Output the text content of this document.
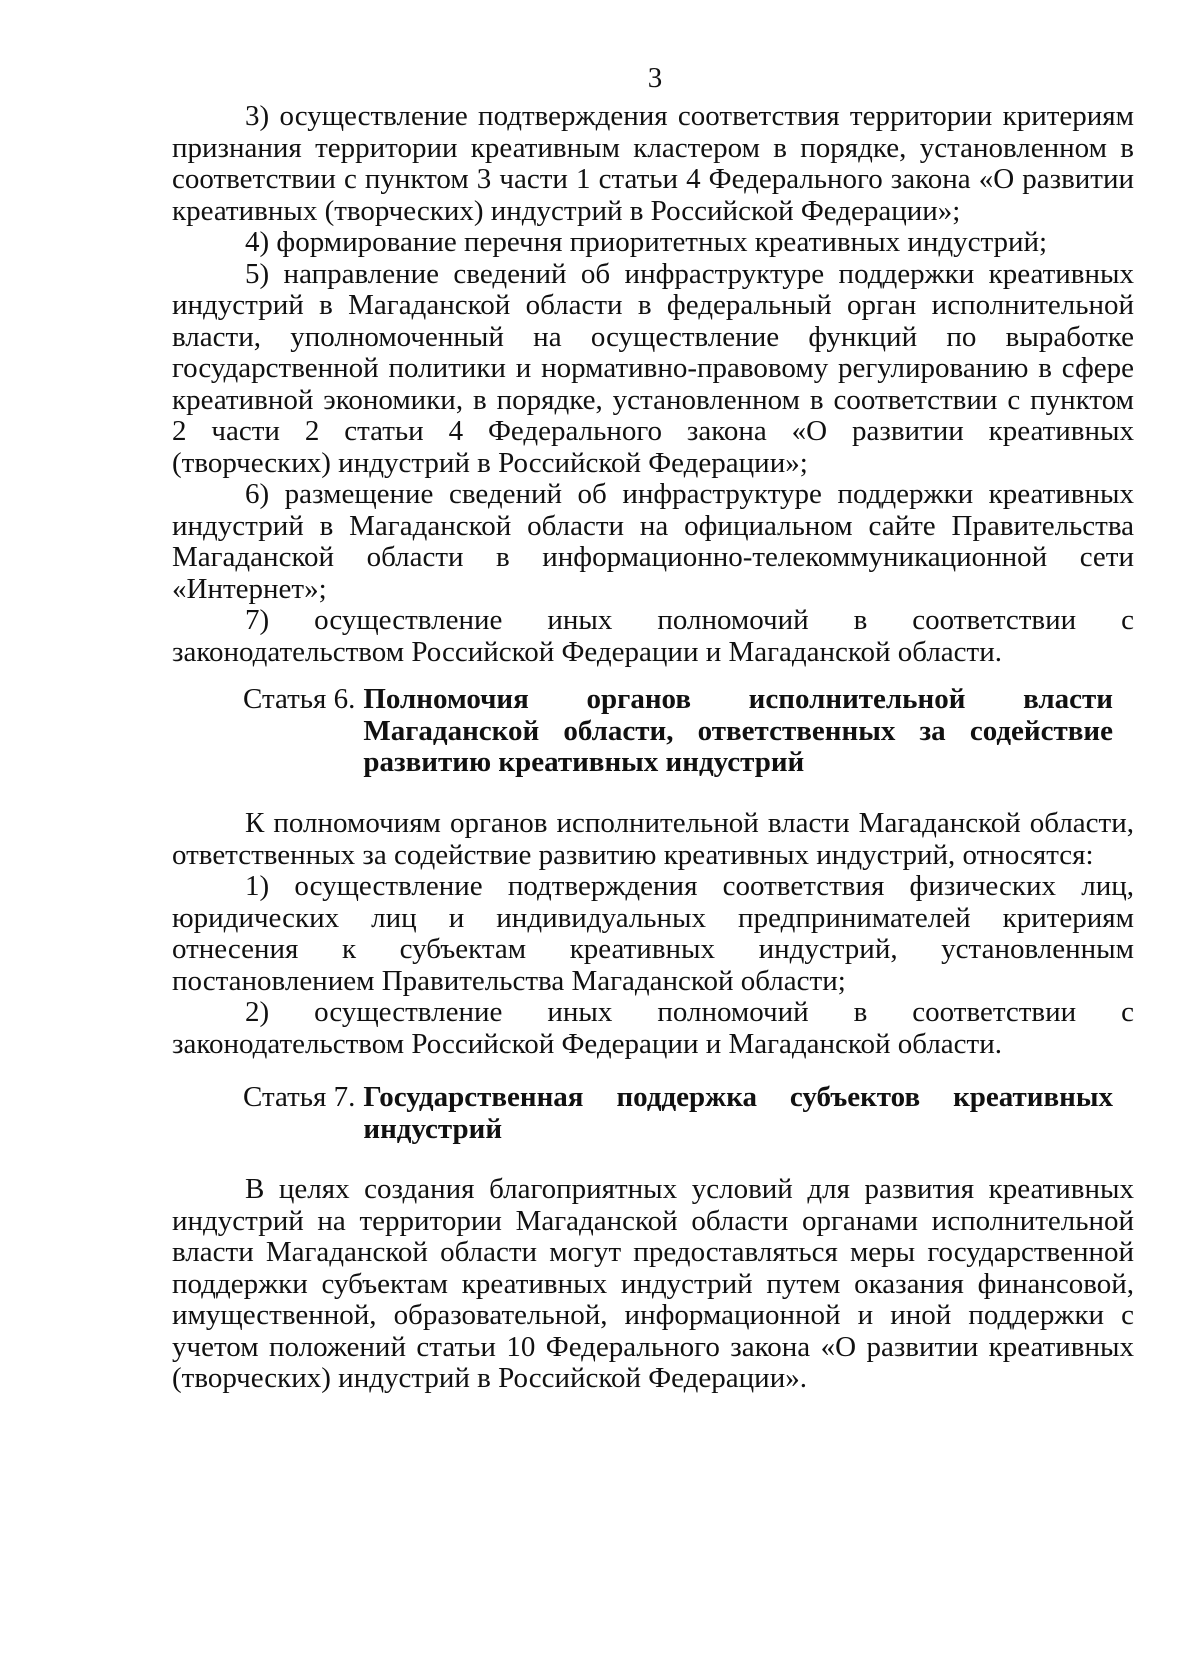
3

3) осуществление подтверждения соответствия территории критериям признания территории креативным кластером в порядке, установленном в соответствии с пунктом 3 части 1 статьи 4 Федерального закона «О развитии креативных (творческих) индустрий в Российской Федерации»;

4) формирование перечня приоритетных креативных индустрий;

5) направление сведений об инфраструктуре поддержки креативных индустрий в Магаданской области в федеральный орган исполнительной власти, уполномоченный на осуществление функций по выработке государственной политики и нормативно-правовому регулированию в сфере креативной экономики, в порядке, установленном в соответствии с пунктом 2 части 2 статьи 4 Федерального закона «О развитии креативных (творческих) индустрий в Российской Федерации»;

6) размещение сведений об инфраструктуре поддержки креативных индустрий в Магаданской области на официальном сайте Правительства Магаданской области в информационно-телекоммуникационной сети «Интернет»;

7) осуществление иных полномочий в соответствии с законодательством Российской Федерации и Магаданской области.

Статья 6. Полномочия органов исполнительной власти Магаданской области, ответственных за содействие развитию креативных индустрий

К полномочиям органов исполнительной власти Магаданской области, ответственных за содействие развитию креативных индустрий, относятся:

1) осуществление подтверждения соответствия физических лиц, юридических лиц и индивидуальных предпринимателей критериям отнесения к субъектам креативных индустрий, установленным постановлением Правительства Магаданской области;

2) осуществление иных полномочий в соответствии с законодательством Российской Федерации и Магаданской области.

Статья 7. Государственная поддержка субъектов креативных индустрий

В целях создания благоприятных условий для развития креативных индустрий на территории Магаданской области органами исполнительной власти Магаданской области могут предоставляться меры государственной поддержки субъектам креативных индустрий путем оказания финансовой, имущественной, образовательной, информационной и иной поддержки с учетом положений статьи 10 Федерального закона «О развитии креативных (творческих) индустрий в Российской Федерации».
